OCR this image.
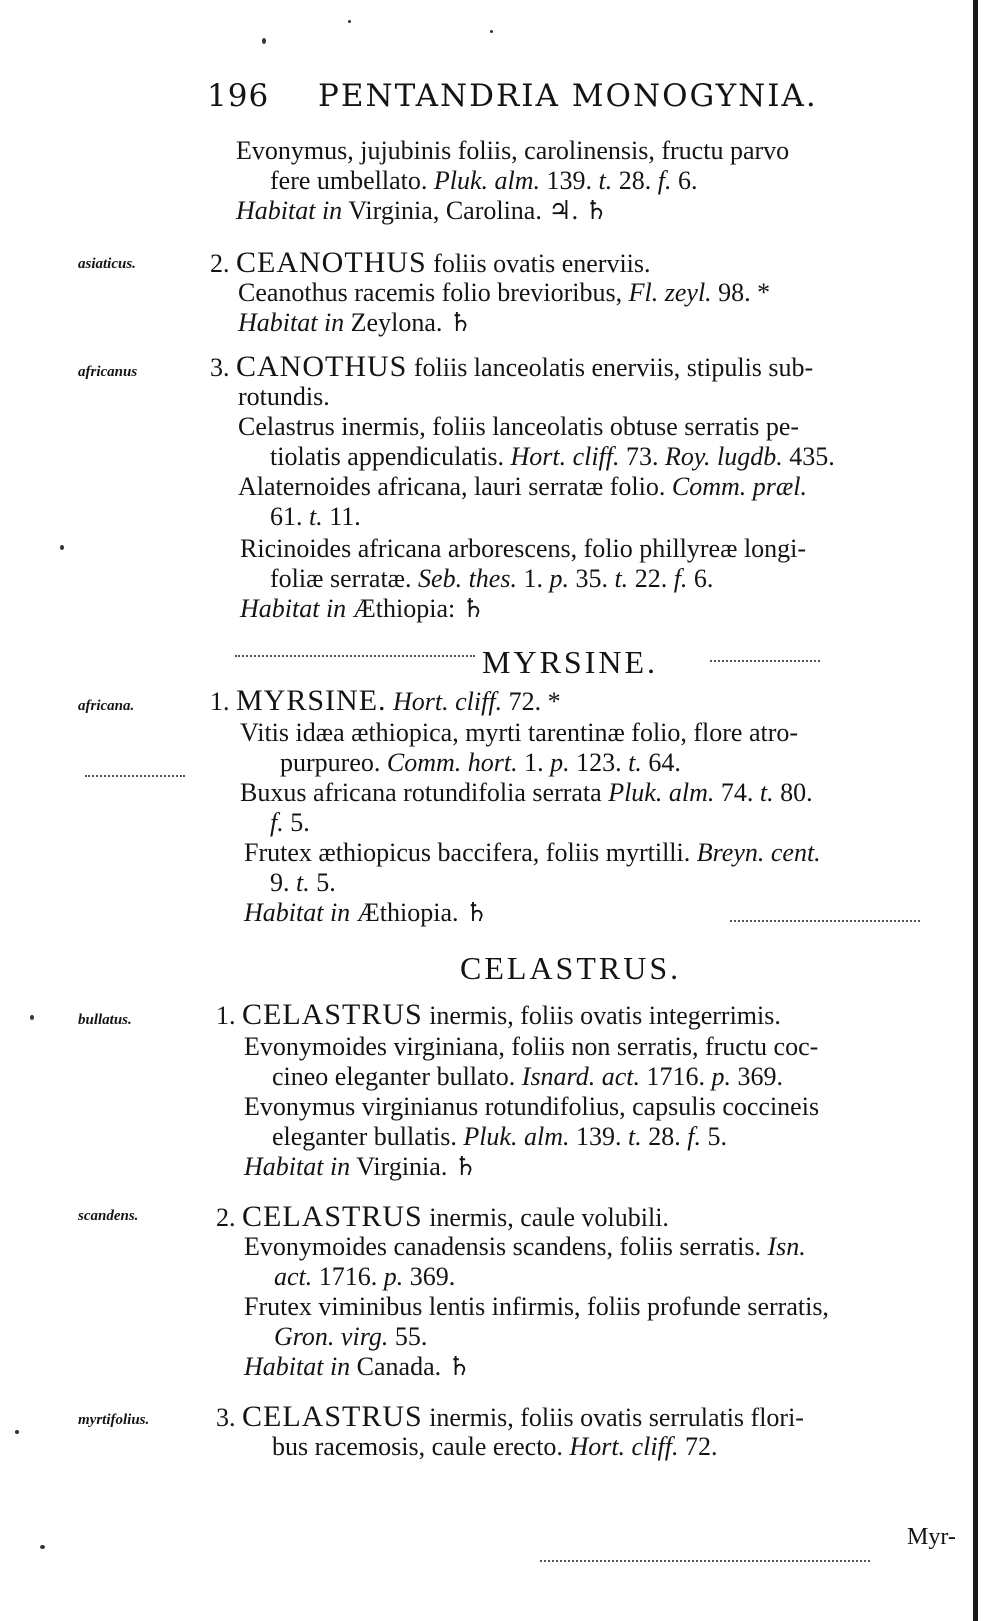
196 PENTANDRIA MONOGYNIA.
Evonymus, jujubinis foliis, carolinensis, fructu parvo
fere umbellato. Pluk. alm. 139. t. 28. f. 6.
Habitat in Virginia, Carolina. ♃. ♄
asiaticus.	2. CEANOTHUS foliis ovatis enerviis.
Ceanothus racemis folio brevioribus, Fl. zeyl. 98. *
Habitat in Zeylona. ♄
africanus	3. CANOTHUS foliis lanceolatis enerviis, stipulis sub-
rotundis.
Celastrus inermis, foliis lanceolatis obtuse serratis pe-
tiolatis appendiculatis. Hort. cliff. 73. Roy. lugdb. 435.
Alaternoides africana, lauri serratæ folio. Comm. præl.
61. t. 11.
Ricinoides africana arborescens, folio phillyreæ longi-
foliæ serratæ. Seb. thes. 1. p. 35. t. 22. f. 6.
Habitat in Æthiopia: ♄
MYRSINE.
africana.	1. MYRSINE. Hort. cliff. 72. *
Vitis idæa æthiopica, myrti tarentinæ folio, flore atro-
purpureo. Comm. hort. 1. p. 123. t. 64.
Buxus africana rotundifolia serrata Pluk. alm. 74. t. 80.
f. 5.
Frutex æthiopicus baccifera, foliis myrtilli. Breyn. cent.
9. t. 5.
Habitat in Æthiopia. ♄
CELASTRUS.
bullatus.	1. CELASTRUS inermis, foliis ovatis integerrimis.
Evonymoides virginiana, foliis non serratis, fructu coc-
cineo eleganter bullato. Isnard. act. 1716. p. 369.
Evonymus virginianus rotundifolius, capsulis coccineis
eleganter bullatis. Pluk. alm. 139. t. 28. f. 5.
Habitat in Virginia. ♄
scandens.	2. CELASTRUS inermis, caule volubili.
Evonymoides canadensis scandens, foliis serratis. Isn.
act. 1716. p. 369.
Frutex viminibus lentis infirmis, foliis profunde serratis,
Gron. virg. 55.
Habitat in Canada. ♄
myrtifolius.	3. CELASTRUS inermis, foliis ovatis serrulatis flori-
bus racemosis, caule erecto. Hort. cliff. 72.
Myr-
